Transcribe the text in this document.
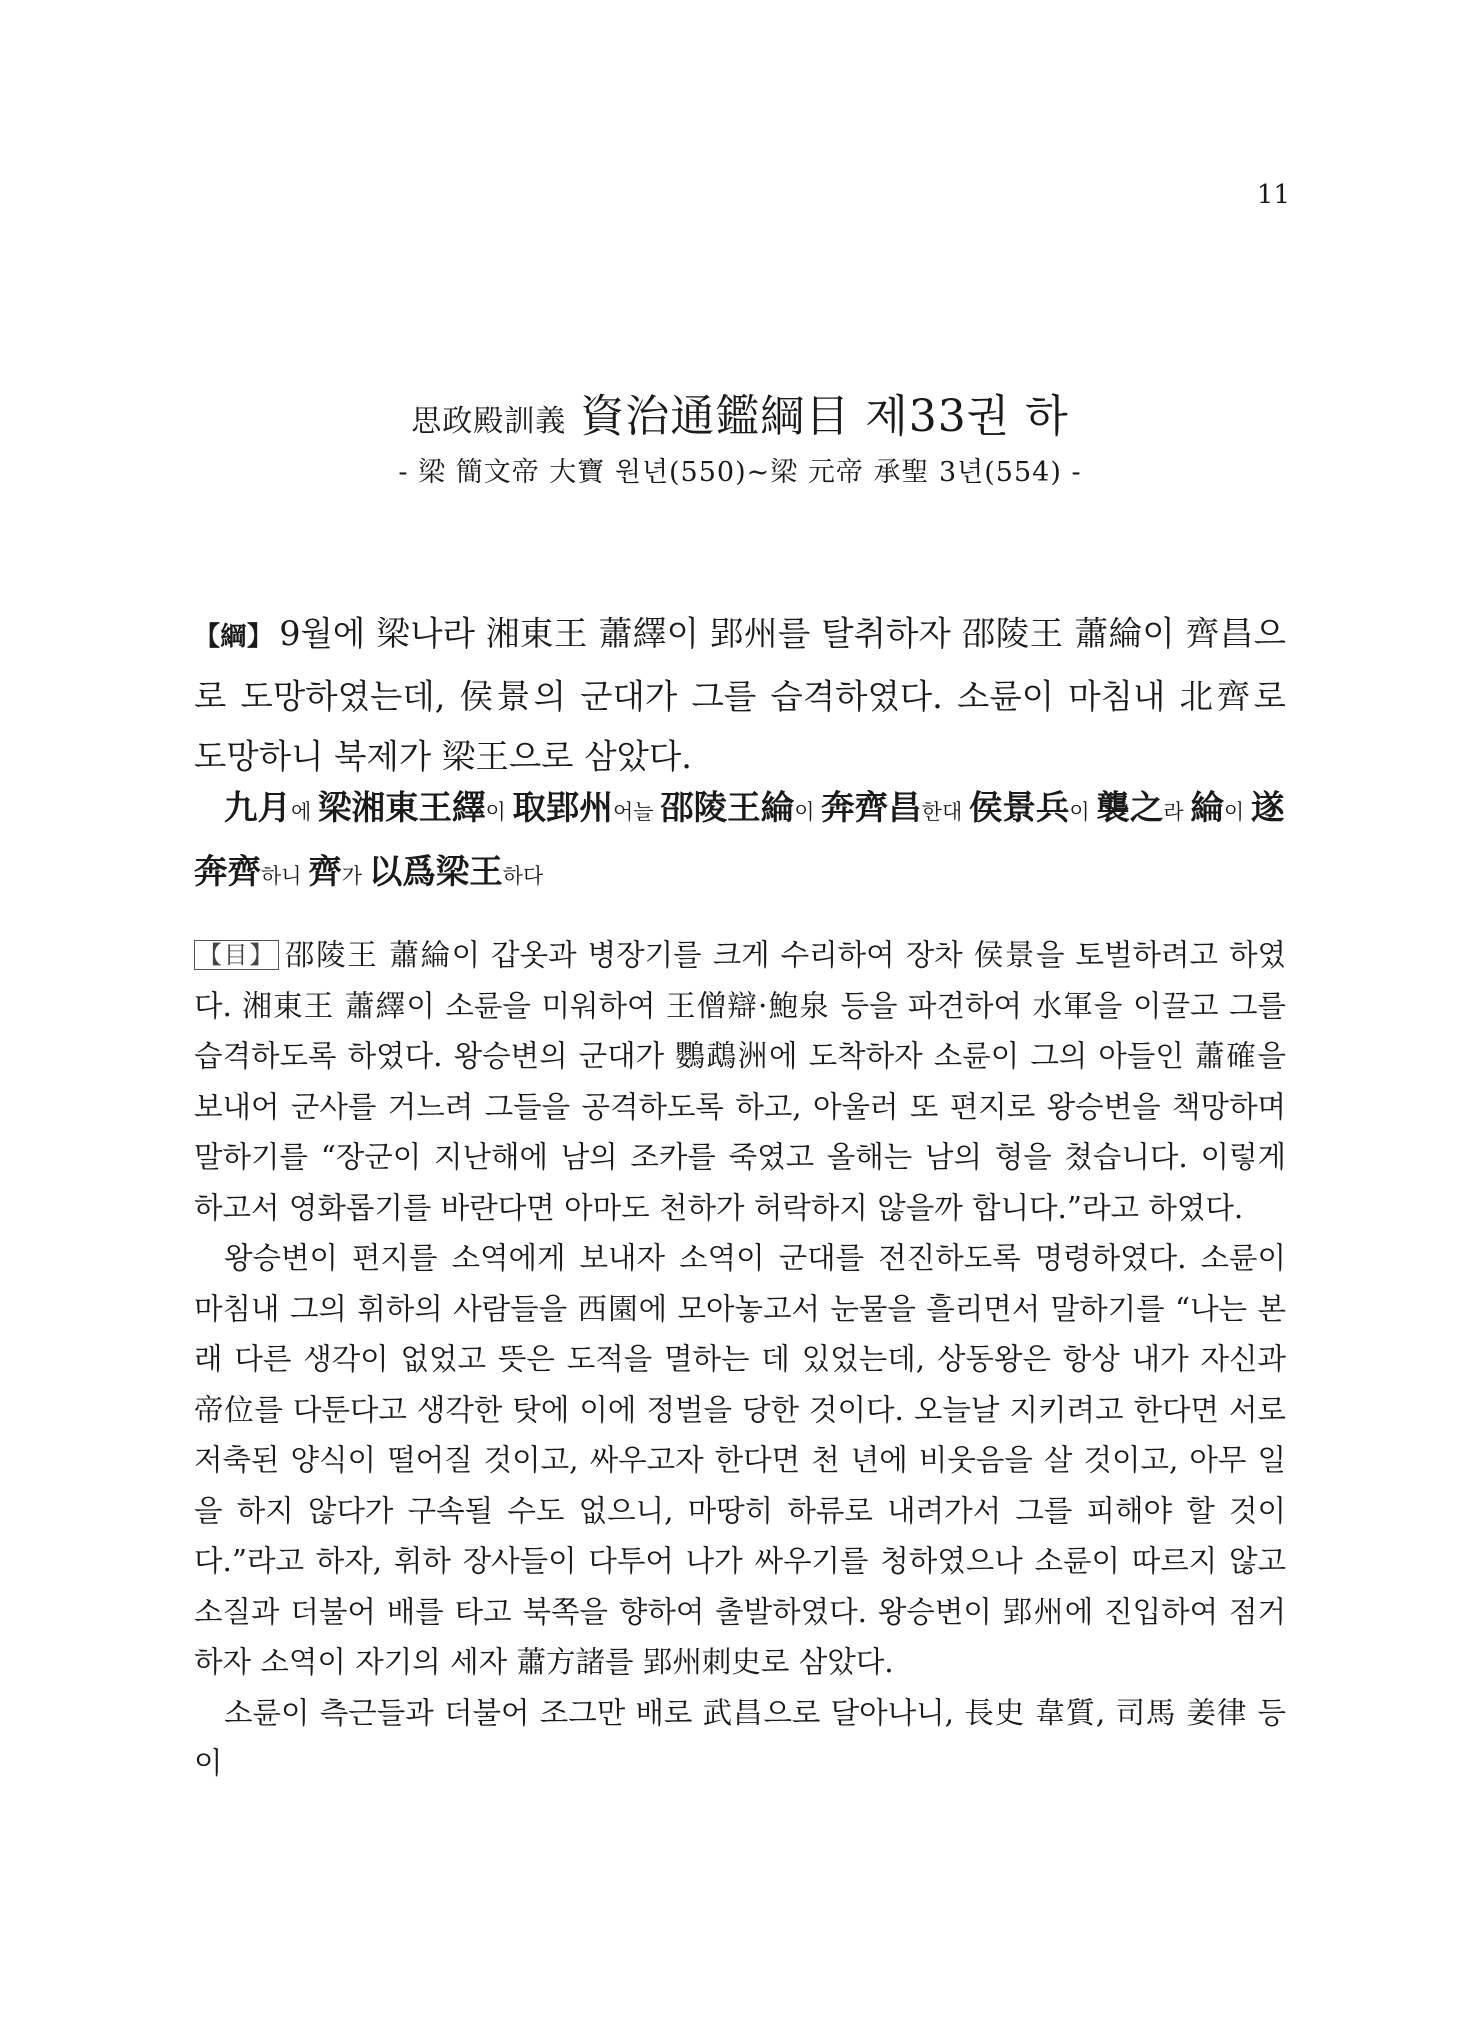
11
思政殿訓義 資治通鑑綱目 제33권 하
- 梁 簡文帝 大寶 원년(550)~梁 元帝 承聖 3년(554) -
【綱】 9월에 梁나라 湘東王 蕭繹이 郢州를 탈취하자 邵陵王 蕭綸이 齊昌으로 도망하였는데, 侯景의 군대가 그를 습격하였다. 소륜이 마침내 北齊로 도망하니 북제가 梁王으로 삼았다.
九月에 梁湘東王繹이 取郢州어늘 邵陵王綸이 奔齊昌한대 侯景兵이 襲之라 綸이 遂奔齊하니 齊가 以爲梁王하다

【目】 邵陵王 蕭綸이 갑옷과 병장기를 크게 수리하여 장차 侯景을 토벌하려고 하였다. 湘東王 蕭繹이 소륜을 미워하여 王僧辯·鮑泉 등을 파견하여 水軍을 이끌고 그를 습격하도록 하였다. 왕승변의 군대가 鸚鵡洲에 도착하자 소륜이 그의 아들인 蕭確을 보내어 군사를 거느려 그들을 공격하도록 하고, 아울러 또 편지로 왕승변을 책망하며 말하기를 “장군이 지난해에 남의 조카를 죽였고 올해는 남의 형을 쳤습니다. 이렇게 하고서 영화롭기를 바란다면 아마도 천하가 허락하지 않을까 합니다.”라고 하였다.

왕승변이 편지를 소역에게 보내자 소역이 군대를 전진하도록 명령하였다. 소륜이 마침내 그의 휘하의 사람들을 西園에 모아놓고서 눈물을 흘리면서 말하기를 “나는 본래 다른 생각이 없었고 뜻은 도적을 멸하는 데 있었는데, 상동왕은 항상 내가 자신과 帝位를 다툰다고 생각한 탓에 이에 정벌을 당한 것이다. 오늘날 지키려고 한다면 서로 저축된 양식이 떨어질 것이고, 싸우고자 한다면 천 년에 비웃음을 살 것이고, 아무 일을 하지 않다가 구속될 수도 없으니, 마땅히 하류로 내려가서 그를 피해야 할 것이다.”라고 하자, 휘하 장사들이 다투어 나가 싸우기를 청하였으나 소륜이 따르지 않고 소질과 더불어 배를 타고 북쪽을 향하여 출발하였다. 왕승변이 郢州에 진입하여 점거하자 소역이 자기의 세자 蕭方諸를 郢州刺史로 삼았다.

소륜이 측근들과 더불어 조그만 배로 武昌으로 달아나니, 長史 韋質, 司馬 姜律 등이
